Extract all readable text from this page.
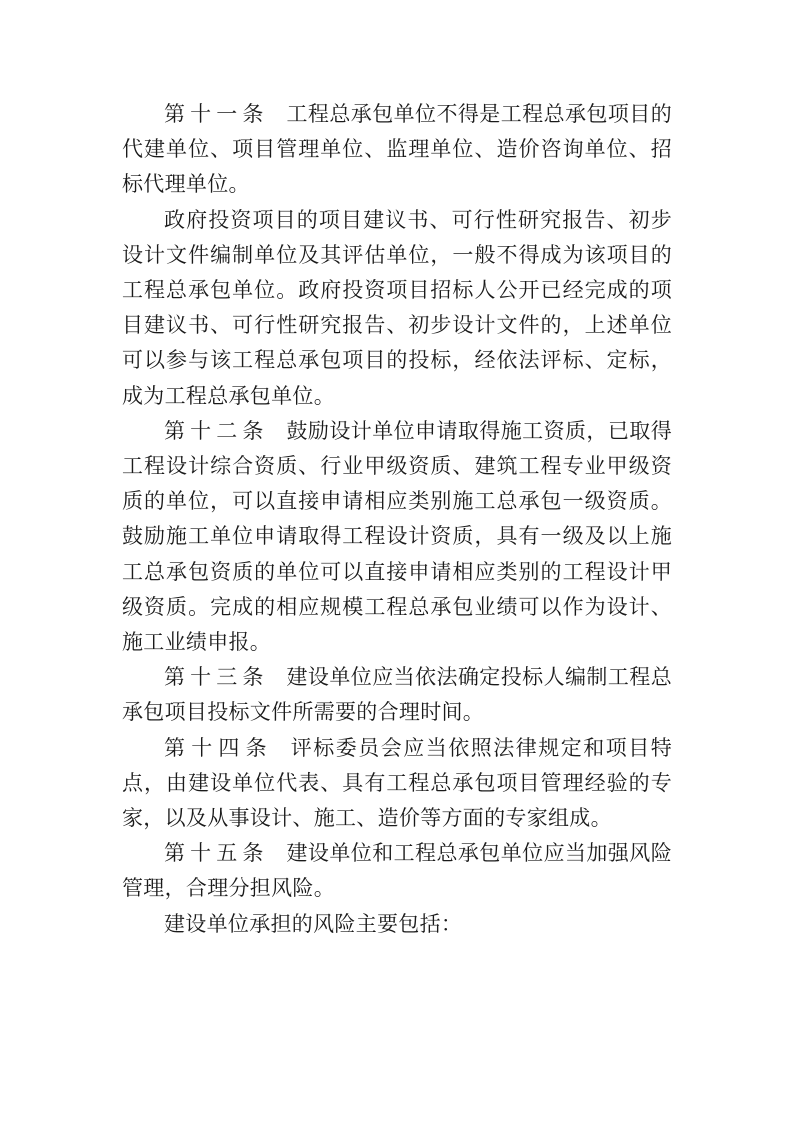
第十一条 工程总承包单位不得是工程总承包项目的代建单位、项目管理单位、监理单位、造价咨询单位、招标代理单位。

政府投资项目的项目建议书、可行性研究报告、初步设计文件编制单位及其评估单位，一般不得成为该项目的工程总承包单位。政府投资项目招标人公开已经完成的项目建议书、可行性研究报告、初步设计文件的，上述单位可以参与该工程总承包项目的投标，经依法评标、定标，成为工程总承包单位。

第十二条 鼓励设计单位申请取得施工资质，已取得工程设计综合资质、行业甲级资质、建筑工程专业甲级资质的单位，可以直接申请相应类别施工总承包一级资质。鼓励施工单位申请取得工程设计资质，具有一级及以上施工总承包资质的单位可以直接申请相应类别的工程设计甲级资质。完成的相应规模工程总承包业绩可以作为设计、施工业绩申报。

第十三条 建设单位应当依法确定投标人编制工程总承包项目投标文件所需要的合理时间。

第十四条 评标委员会应当依照法律规定和项目特点，由建设单位代表、具有工程总承包项目管理经验的专家，以及从事设计、施工、造价等方面的专家组成。

第十五条 建设单位和工程总承包单位应当加强风险管理，合理分担风险。

建设单位承担的风险主要包括：
